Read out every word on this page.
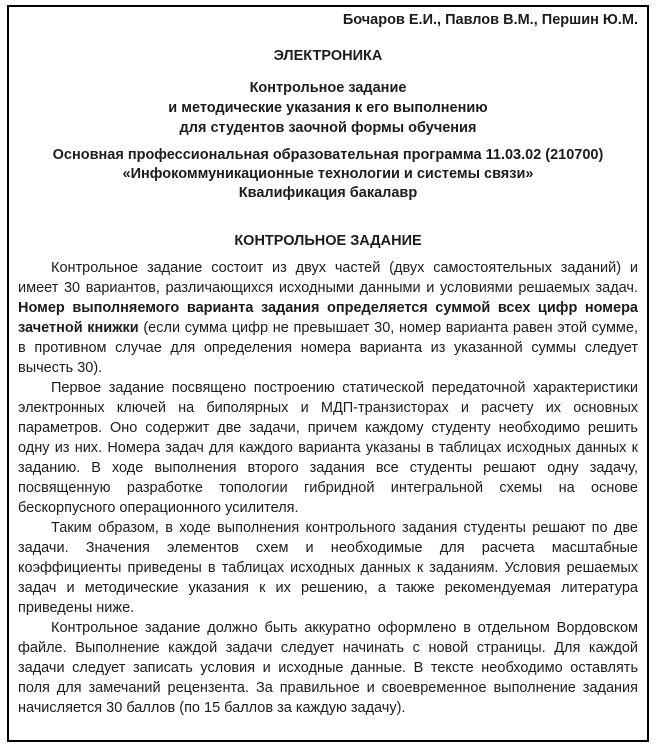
Бочаров Е.И., Павлов В.М., Першин Ю.М.
ЭЛЕКТРОНИКА
Контрольное задание
и методические указания к его выполнению
для студентов заочной формы обучения
Основная профессиональная образовательная программа 11.03.02 (210700)
«Инфокоммуникационные технологии и системы связи»
Квалификация бакалавр
КОНТРОЛЬНОЕ ЗАДАНИЕ

Контрольное задание состоит из двух частей (двух самостоятельных заданий) и имеет 30 вариантов, различающихся исходными данными и условиями решаемых задач. Номер выполняемого варианта задания определяется суммой всех цифр номера зачетной книжки (если сумма цифр не превышает 30, номер варианта равен этой сумме, в противном случае для определения номера варианта из указанной суммы следует вычесть 30).

Первое задание посвящено построению статической передаточной характеристики электронных ключей на биполярных и МДП-транзисторах и расчету их основных параметров. Оно содержит две задачи, причем каждому студенту необходимо решить одну из них. Номера задач для каждого варианта указаны в таблицах исходных данных к заданию. В ходе выполнения второго задания все студенты решают одну задачу, посвященную разработке топологии гибридной интегральной схемы на основе бескорпусного операционного усилителя.

Таким образом, в ходе выполнения контрольного задания студенты решают по две задачи. Значения элементов схем и необходимые для расчета масштабные коэффициенты приведены в таблицах исходных данных к заданиям. Условия решаемых задач и методические указания к их решению, а также рекомендуемая литература приведены ниже.

Контрольное задание должно быть аккуратно оформлено в отдельном Вордовском файле. Выполнение каждой задачи следует начинать с новой страницы. Для каждой задачи следует записать условия и исходные данные. В тексте необходимо оставлять поля для замечаний рецензента. За правильное и своевременное выполнение задания начисляется 30 баллов (по 15 баллов за каждую задачу).
